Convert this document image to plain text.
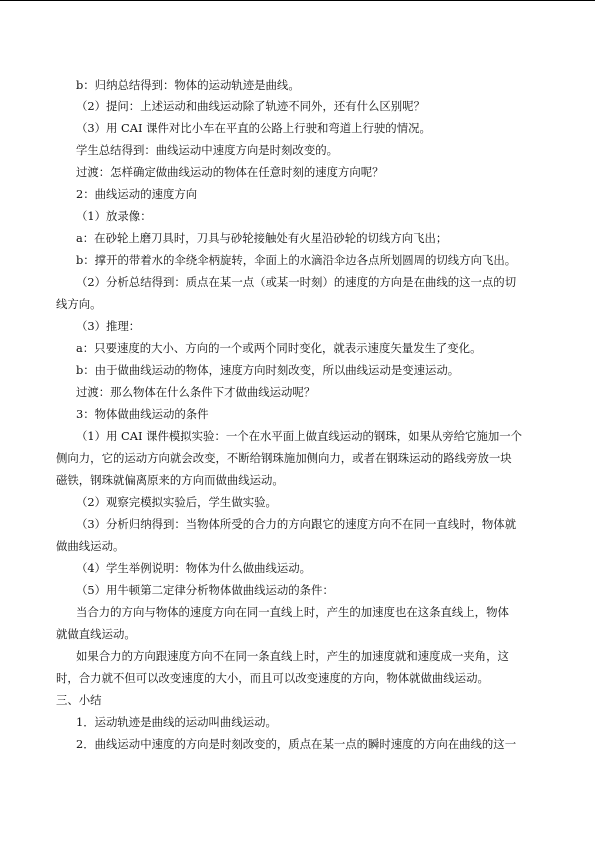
b：归纳总结得到：物体的运动轨迹是曲线。
（2）提问：上述运动和曲线运动除了轨迹不同外，还有什么区别呢？
（3）用 CAI 课件对比小车在平直的公路上行驶和弯道上行驶的情况。
学生总结得到：曲线运动中速度方向是时刻改变的。
过渡：怎样确定做曲线运动的物体在任意时刻的速度方向呢？
2：曲线运动的速度方向
（1）放录像：
a：在砂轮上磨刀具时，刀具与砂轮接触处有火星沿砂轮的切线方向飞出；
b：撑开的带着水的伞绕伞柄旋转，伞面上的水滴沿伞边各点所划圆周的切线方向飞出。
（2）分析总结得到：质点在某一点（或某一时刻）的速度的方向是在曲线的这一点的切
线方向。
（3）推理：
a：只要速度的大小、方向的一个或两个同时变化，就表示速度矢量发生了变化。
b：由于做曲线运动的物体，速度方向时刻改变，所以曲线运动是变速运动。
过渡：那么物体在什么条件下才做曲线运动呢？
3：物体做曲线运动的条件
（1）用 CAI 课件模拟实验：一个在水平面上做直线运动的钢珠，如果从旁给它施加一个
侧向力，它的运动方向就会改变，不断给钢珠施加侧向力，或者在钢珠运动的路线旁放一块
磁铁，钢珠就偏离原来的方向而做曲线运动。
（2）观察完模拟实验后，学生做实验。
（3）分析归纳得到：当物体所受的合力的方向跟它的速度方向不在同一直线时，物体就
做曲线运动。
（4）学生举例说明：物体为什么做曲线运动。
（5）用牛顿第二定律分析物体做曲线运动的条件：
当合力的方向与物体的速度方向在同一直线上时，产生的加速度也在这条直线上，物体
就做直线运动。
如果合力的方向跟速度方向不在同一条直线上时，产生的加速度就和速度成一夹角，这
时，合力就不但可以改变速度的大小，而且可以改变速度的方向，物体就做曲线运动。
三、小结
1．运动轨迹是曲线的运动叫曲线运动。
2．曲线运动中速度的方向是时刻改变的，质点在某一点的瞬时速度的方向在曲线的这一
